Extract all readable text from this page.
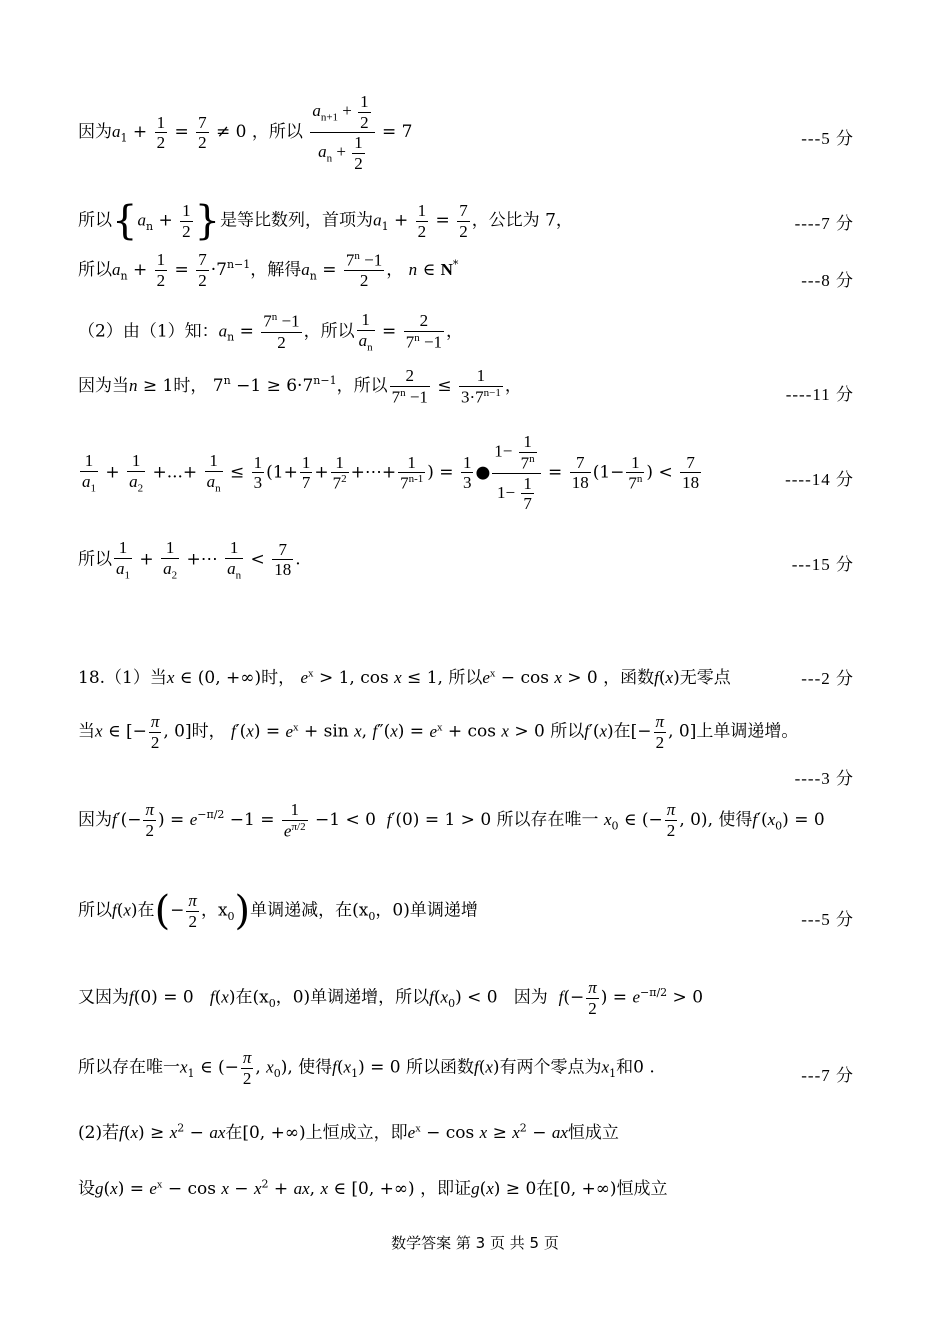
因为$a_1 + \frac{1}{2} = \frac{7}{2} \ne 0$ ，所以 $\frac{a_{n+1} + \frac{1}{2}}{a_n + \frac{1}{2}} = 7$	---5 分
所以{$a_n + \frac{1}{2}$ }是等比数列，首项为$a_1 + \frac{1}{2} = \frac{7}{2}$ ，公比为 7，	----7 分
所以$a_n + \frac{1}{2} = \frac{7}{2} \cdot 7^{n-1}$，解得$a_n = \frac{7^n -1}{2}$ ， n ∈ N*
---8 分
（2）由（1）知：$a_n = \frac{7^n -1}{2}$ ，所以 $\frac{1}{a_n} = \frac{2}{7^n -1}$ ，
因为当n ≥ 1时， $7^n -1 \ge 6\cdot 7^{n-1}$，所以 $\frac{2}{7^n -1} \le \frac{1}{3\cdot 7^{n-1}}$ ，	----11 分
$\frac{1}{a_1} + \frac{1}{a_2}$ +...+ $\frac{1}{a_n} \le \frac{1}{3} (1+ \frac{1}{7} + \frac{1}{7^2}$ +⋯+ $\frac{1}{7^{n-1}}$ ) = $\frac{1}{3}$ ● $\frac{1- \frac{1}{7^n}}{1- \frac{1}{7}} = \frac{7}{18} (1- \frac{1}{7^n}$ ) < $\frac{7}{18}$	----14 分
所以 $\frac{1}{a_1} + \frac{1}{a_2}$ +⋯ $\frac{1}{a_n} < \frac{7}{18}$ .	---15 分
18.（1）当x ∈ (0, +∞)时， $e^x > 1$, cos x ≤ 1, 所以$e^x - \cos x > 0$ ，函数f(x)无零点	---2 分
当x ∈ [− $\frac{\pi}{2}$ , 0]时， $f'(x) = e^x + \sin x$, $f''(x) = e^x + \cos x > 0$ 所以f′(x)在[− $\frac{\pi}{2}$ , 0]上单调递增。
----3 分
因为$f'(- \frac{\pi}{2}$ ) = $e^{-\pi/2} -1 = \frac{1}{e^{\pi/2}} -1 < 0$  f′(0) = 1 > 0 所以存在唯一 $x_0$ ∈ (− $\frac{\pi}{2}$ , 0), 使得$f'(x_0) = 0$
所以f(x)在(− $\frac{\pi}{2}$ ，$x_0$)单调递减，在($x_0$，0)单调递增	---5 分
又因为f(0) = 0   f(x)在($x_0$，0)单调递增，所以$f(x_0) < 0$   因为 $f(- \frac{\pi}{2}$ ) = $e^{-\pi/2} > 0$
所以存在唯一$x_1$ ∈ (− $\frac{\pi}{2}$ , $x_0$), 使得$f(x_1) = 0$ 所以函数f(x)有两个零点为$x_1$和0 .	---7 分
(2)若$f(x) \ge x^2$ − ax在[0, +∞)上恒成立，即$e^x - \cos x \ge x^2$ − ax恒成立
设$g(x) = e^x - \cos x - x^2$ + ax, x ∈ [0, +∞) ，即证g(x) ≥ 0在[0, +∞)恒成立
数学答案 第 3 页 共 5 页
